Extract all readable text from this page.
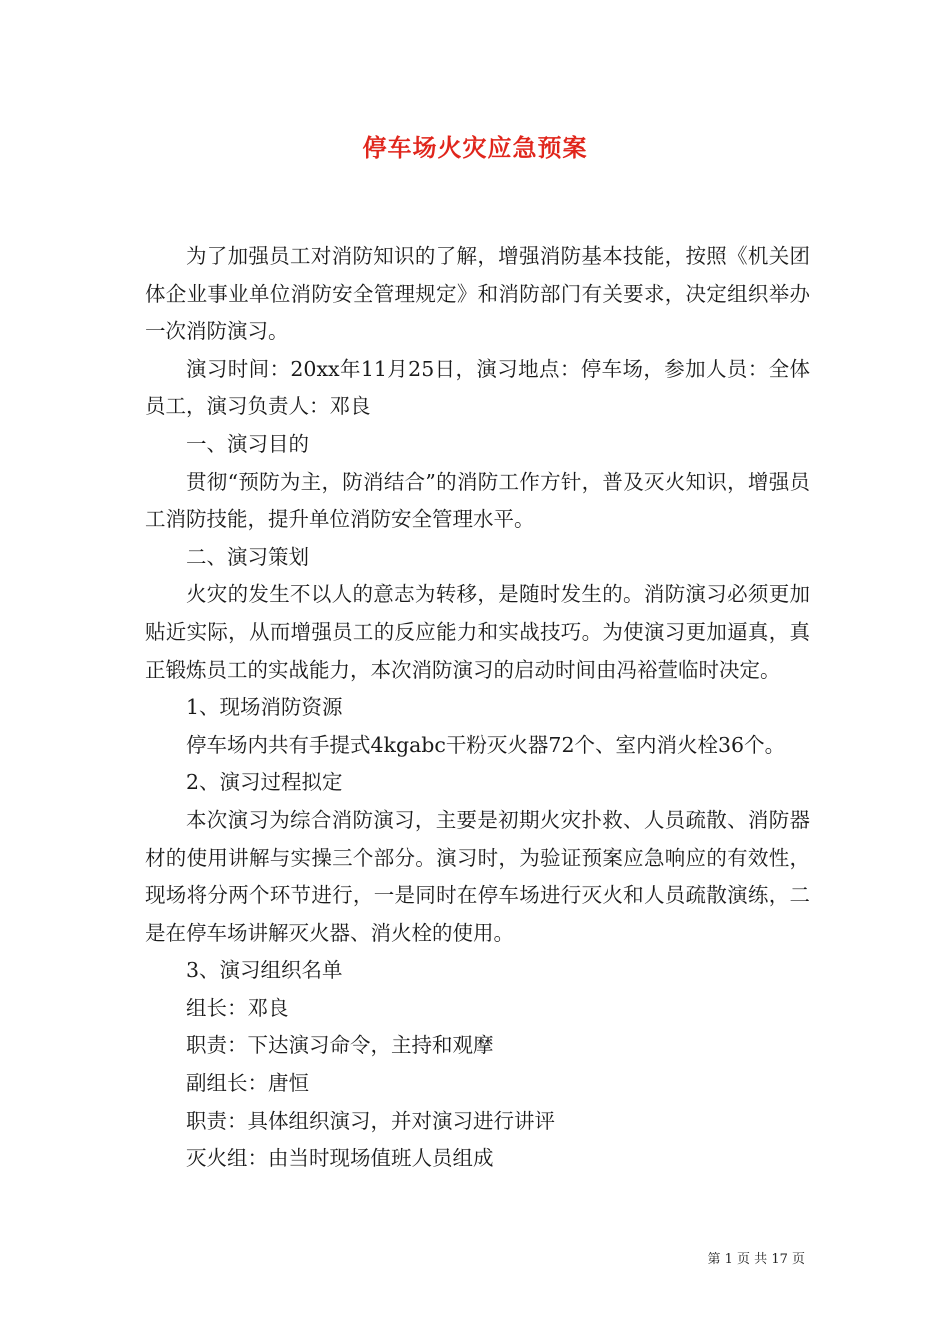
停车场火灾应急预案

为了加强员工对消防知识的了解，增强消防基本技能，按照《机关团体企业事业单位消防安全管理规定》和消防部门有关要求，决定组织举办一次消防演习。

演习时间：20xx年11月25日，演习地点：停车场，参加人员：全体员工，演习负责人：邓良

一、演习目的

贯彻“预防为主，防消结合”的消防工作方针，普及灭火知识，增强员工消防技能，提升单位消防安全管理水平。

二、演习策划

火灾的发生不以人的意志为转移，是随时发生的。消防演习必须更加贴近实际，从而增强员工的反应能力和实战技巧。为使演习更加逼真，真正锻炼员工的实战能力，本次消防演习的启动时间由冯裕萱临时决定。

1、现场消防资源

停车场内共有手提式4kgabc干粉灭火器72个、室内消火栓36个。

2、演习过程拟定

本次演习为综合消防演习，主要是初期火灾扑救、人员疏散、消防器材的使用讲解与实操三个部分。演习时，为验证预案应急响应的有效性，现场将分两个环节进行，一是同时在停车场进行灭火和人员疏散演练，二是在停车场讲解灭火器、消火栓的使用。

3、演习组织名单

组长：邓良

职责：下达演习命令，主持和观摩

副组长：唐恒

职责：具体组织演习，并对演习进行讲评

灭火组：由当时现场值班人员组成

第 1 页 共 17 页
